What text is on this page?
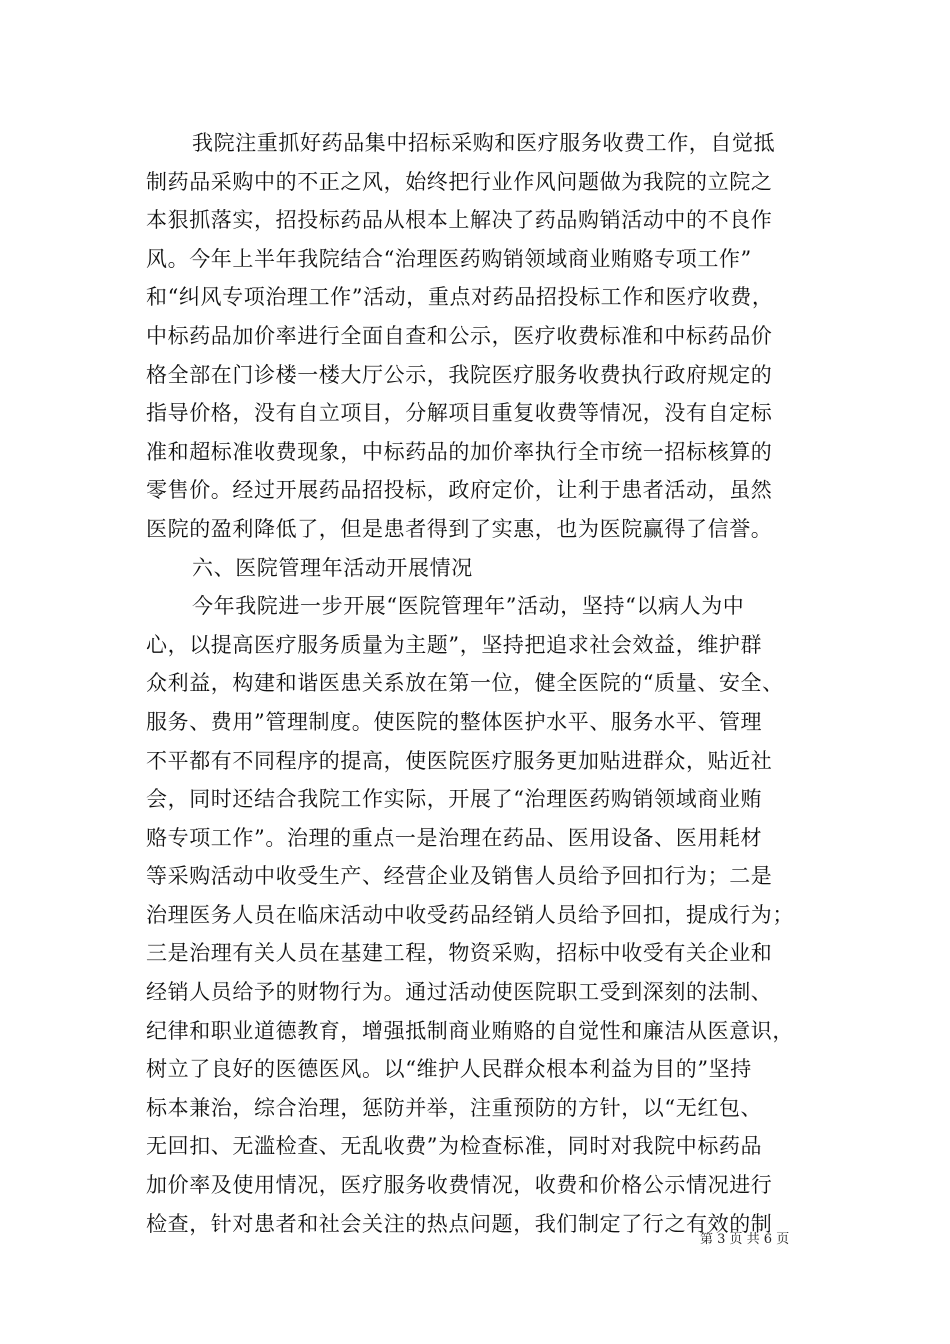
我院注重抓好药品集中招标采购和医疗服务收费工作，自觉抵
制药品采购中的不正之风，始终把行业作风问题做为我院的立院之
本狠抓落实，招投标药品从根本上解决了药品购销活动中的不良作
风。今年上半年我院结合“治理医药购销领域商业贿赂专项工作”
和“纠风专项治理工作”活动，重点对药品招投标工作和医疗收费，
中标药品加价率进行全面自查和公示，医疗收费标准和中标药品价
格全部在门诊楼一楼大厅公示，我院医疗服务收费执行政府规定的
指导价格，没有自立项目，分解项目重复收费等情况，没有自定标
准和超标准收费现象，中标药品的加价率执行全市统一招标核算的
零售价。经过开展药品招投标，政府定价，让利于患者活动，虽然
医院的盈利降低了，但是患者得到了实惠，也为医院赢得了信誉。
六、医院管理年活动开展情况
今年我院进一步开展“医院管理年”活动，坚持“以病人为中
心，以提高医疗服务质量为主题”，坚持把追求社会效益，维护群
众利益，构建和谐医患关系放在第一位，健全医院的“质量、安全、
服务、费用”管理制度。使医院的整体医护水平、服务水平、管理
不平都有不同程序的提高，使医院医疗服务更加贴进群众，贴近社
会，同时还结合我院工作实际，开展了“治理医药购销领域商业贿
赂专项工作”。治理的重点一是治理在药品、医用设备、医用耗材
等采购活动中收受生产、经营企业及销售人员给予回扣行为；二是
治理医务人员在临床活动中收受药品经销人员给予回扣，提成行为；
三是治理有关人员在基建工程，物资采购，招标中收受有关企业和
经销人员给予的财物行为。通过活动使医院职工受到深刻的法制、
纪律和职业道德教育，增强抵制商业贿赂的自觉性和廉洁从医意识，
树立了良好的医德医风。以“维护人民群众根本利益为目的”坚持
标本兼治，综合治理，惩防并举，注重预防的方针，以“无红包、
无回扣、无滥检查、无乱收费”为检查标准，同时对我院中标药品
加价率及使用情况，医疗服务收费情况，收费和价格公示情况进行
检查，针对患者和社会关注的热点问题，我们制定了行之有效的制
第 3 页 共 6 页
